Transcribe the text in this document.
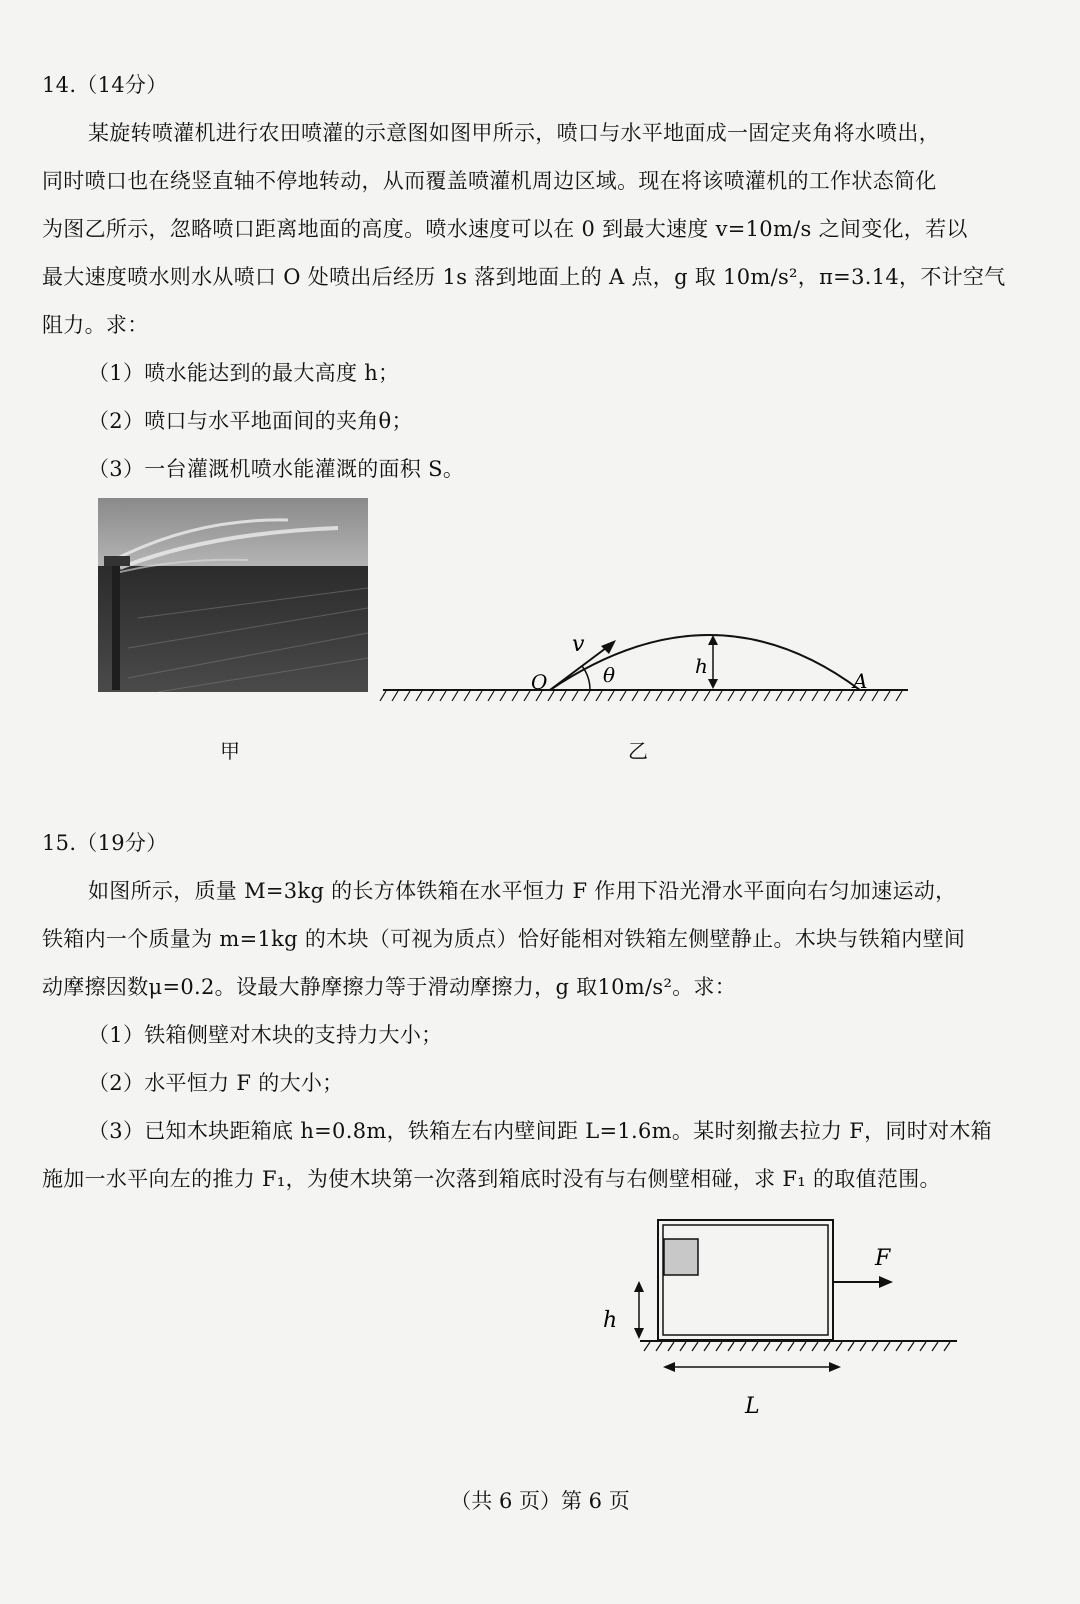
14.（14分）
某旋转喷灌机进行农田喷灌的示意图如图甲所示，喷口与水平地面成一固定夹角将水喷出，
同时喷口也在绕竖直轴不停地转动，从而覆盖喷灌机周边区域。现在将该喷灌机的工作状态简化
为图乙所示，忽略喷口距离地面的高度。喷水速度可以在 0 到最大速度 v=10m/s 之间变化，若以
最大速度喷水则水从喷口 O 处喷出后经历 1s 落到地面上的 A 点，g 取 10m/s²，π=3.14，不计空气
阻力。求：
（1）喷水能达到的最大高度 h；
（2）喷口与水平地面间的夹角θ；
（3）一台灌溉机喷水能灌溉的面积 S。
v
θ	h
O	A
甲	乙
15.（19分）
如图所示，质量 M=3kg 的长方体铁箱在水平恒力 F 作用下沿光滑水平面向右匀加速运动，
铁箱内一个质量为 m=1kg 的木块（可视为质点）恰好能相对铁箱左侧壁静止。木块与铁箱内壁间
动摩擦因数μ=0.2。设最大静摩擦力等于滑动摩擦力，g 取10m/s²。求：
（1）铁箱侧壁对木块的支持力大小；
（2）水平恒力 F 的大小；
（3）已知木块距箱底 h=0.8m，铁箱左右内壁间距 L=1.6m。某时刻撤去拉力 F，同时对木箱
施加一水平向左的推力 F₁，为使木块第一次落到箱底时没有与右侧壁相碰，求 F₁ 的取值范围。
F
h
L
（共 6 页）第 6 页
